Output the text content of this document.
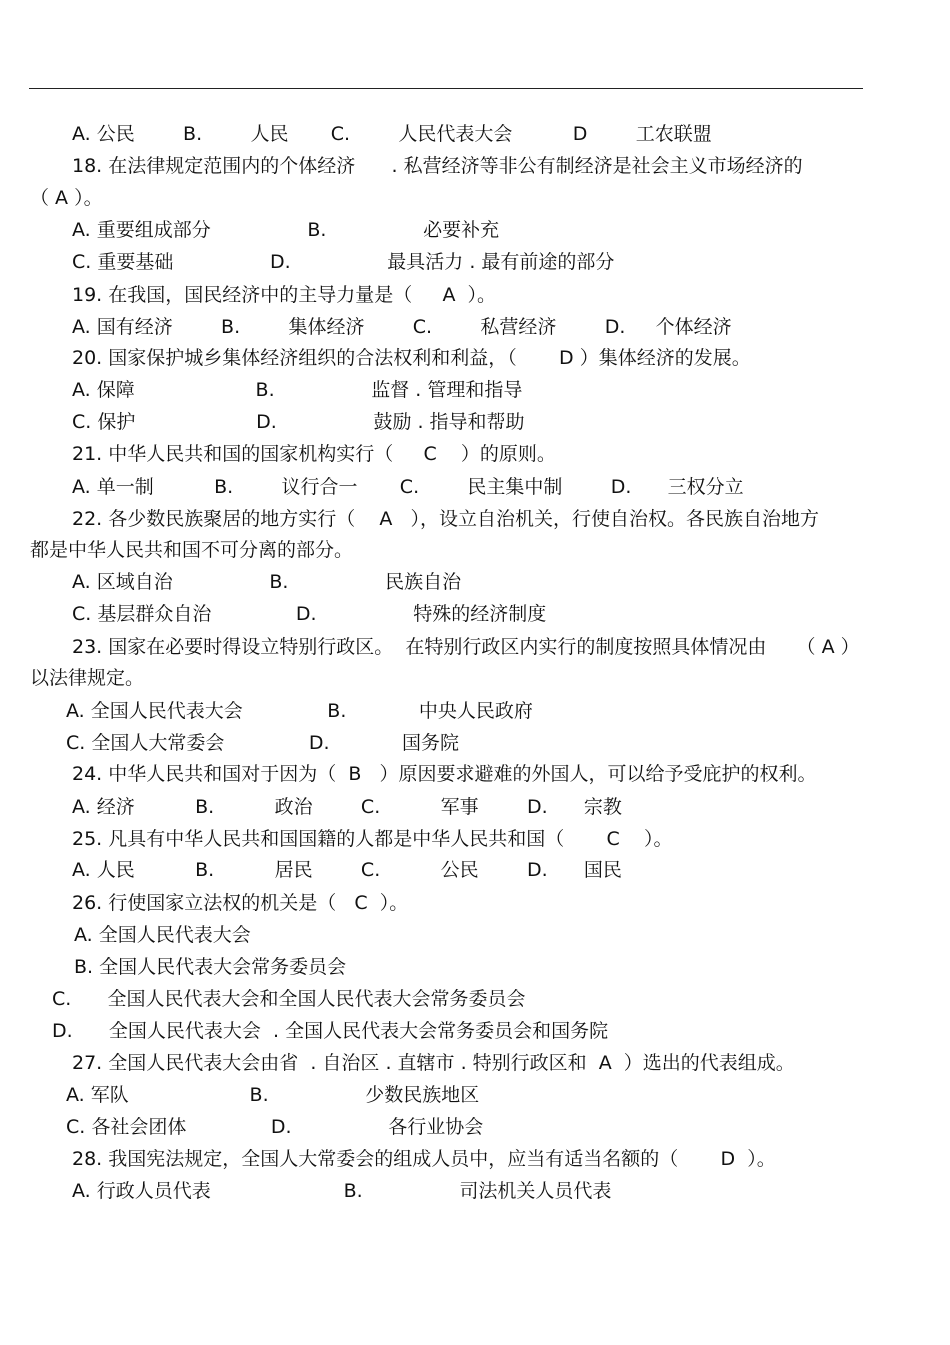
A. 公民        B.        人民       C.        人民代表大会          D        工农联盟
18. 在法律规定范围内的个体经济      . 私营经济等非公有制经济是社会主义市场经济的
（ A ）。
A. 重要组成部分                B.                必要补充
C. 重要基础                D.                最具活力 . 最有前途的部分
19. 在我国，国民经济中的主导力量是（     A  ）。
A. 国有经济        B.        集体经济        C.        私营经济        D.     个体经济
20. 国家保护城乡集体经济组织的合法权利和利益，（       D ）集体经济的发展。
A. 保障                    B.                监督 . 管理和指导
C. 保护                    D.                鼓励 . 指导和帮助
21. 中华人民共和国的国家机构实行（     C    ）的原则。
A. 单一制          B.        议行合一       C.        民主集中制        D.      三权分立
22. 各少数民族聚居的地方实行（    A   ），设立自治机关，行使自治权。各民族自治地方
都是中华人民共和国不可分离的部分。
A. 区域自治                B.                民族自治
C. 基层群众自治              D.                特殊的经济制度
23. 国家在必要时得设立特别行政区。  在特别行政区内实行的制度按照具体情况由     （ A ）
以法律规定。
A. 全国人民代表大会              B.            中央人民政府
C. 全国人大常委会              D.            国务院
24. 中华人民共和国对于因为（  B   ）原因要求避难的外国人，可以给予受庇护的权利。
A. 经济          B.          政治        C.          军事        D.      宗教
25. 凡具有中华人民共和国国籍的人都是中华人民共和国（       C    ）。
A. 人民          B.          居民        C.          公民        D.      国民
26. 行使国家立法权的机关是（   C  ）。
A. 全国人民代表大会
B. 全国人民代表大会常务委员会
C.      全国人民代表大会和全国人民代表大会常务委员会
D.      全国人民代表大会  . 全国人民代表大会常务委员会和国务院
27. 全国人民代表大会由省  . 自治区 . 直辖市 . 特别行政区和  A  ）选出的代表组成。
A. 军队                    B.                少数民族地区
C. 各社会团体              D.                各行业协会
28. 我国宪法规定，全国人大常委会的组成人员中，应当有适当名额的（       D  ）。
A. 行政人员代表                      B.                司法机关人员代表
